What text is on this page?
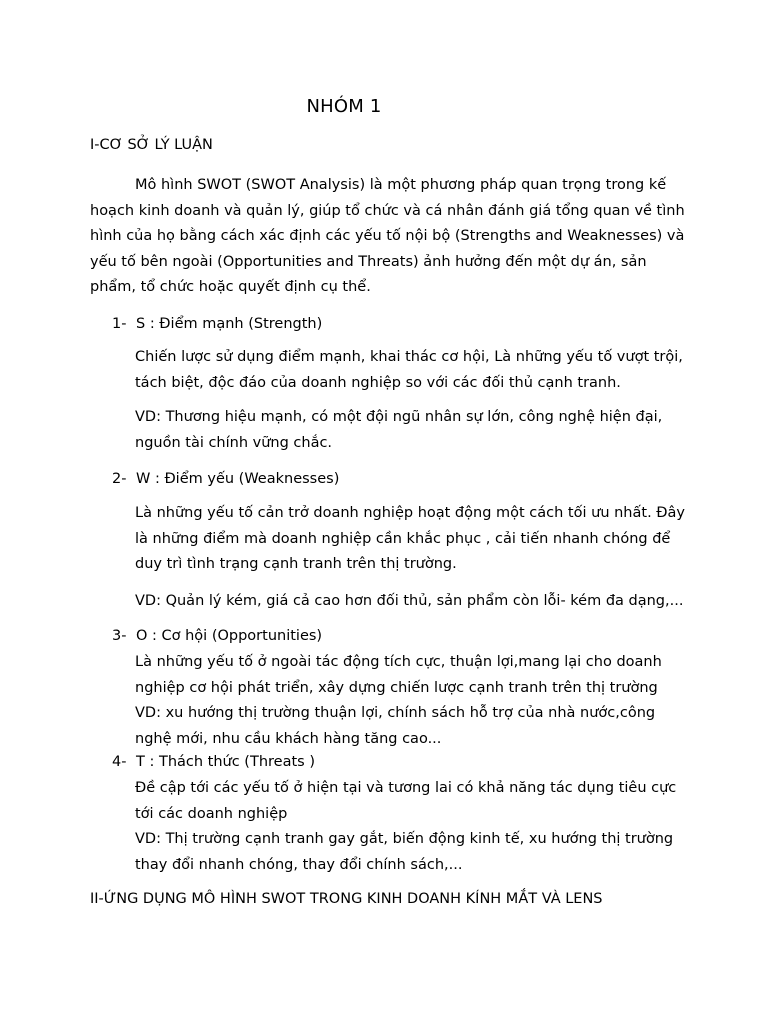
NHÓM 1
I-CƠ SỞ LÝ LUẬN
Mô hình SWOT (SWOT Analysis) là một phương pháp quan trọng trong kế
hoạch kinh doanh và quản lý, giúp tổ chức và cá nhân đánh giá tổng quan về tình
hình của họ bằng cách xác định các yếu tố nội bộ (Strengths and Weaknesses) và
yếu tố bên ngoài (Opportunities and Threats) ảnh hưởng đến một dự án, sản
phẩm, tổ chức hoặc quyết định cụ thể.
1- S : Điểm mạnh (Strength)
Chiến lược sử dụng điểm mạnh, khai thác cơ hội, Là những yếu tố vượt trội,
tách biệt, độc đáo của doanh nghiệp so với các đối thủ cạnh tranh.
VD: Thương hiệu mạnh, có một đội ngũ nhân sự lớn, công nghệ hiện đại,
nguồn tài chính vững chắc.
2- W : Điểm yếu (Weaknesses)
Là những yếu tố cản trở doanh nghiệp hoạt động một cách tối ưu nhất. Đây
là những điểm mà doanh nghiệp cần khắc phục , cải tiến nhanh chóng để
duy trì tình trạng cạnh tranh trên thị trường.
VD: Quản lý kém, giá cả cao hơn đối thủ, sản phẩm còn lỗi- kém đa dạng,...
3- O : Cơ hội (Opportunities)
Là những yếu tố ở ngoài tác động tích cực, thuận lợi,mang lại cho doanh
nghiệp cơ hội phát triển, xây dựng chiến lược cạnh tranh trên thị trường
VD: xu hướng thị trường thuận lợi, chính sách hỗ trợ của nhà nước,công
nghệ mới, nhu cầu khách hàng tăng cao...
4- T : Thách thức (Threats )
Đề cập tới các yếu tố ở hiện tại và tương lai có khả năng tác dụng tiêu cực
tới các doanh nghiệp
VD: Thị trường cạnh tranh gay gắt, biến động kinh tế, xu hướng thị trường
thay đổi nhanh chóng, thay đổi chính sách,...
II-ỨNG DỤNG MÔ HÌNH SWOT TRONG KINH DOANH KÍNH MẮT VÀ LENS
